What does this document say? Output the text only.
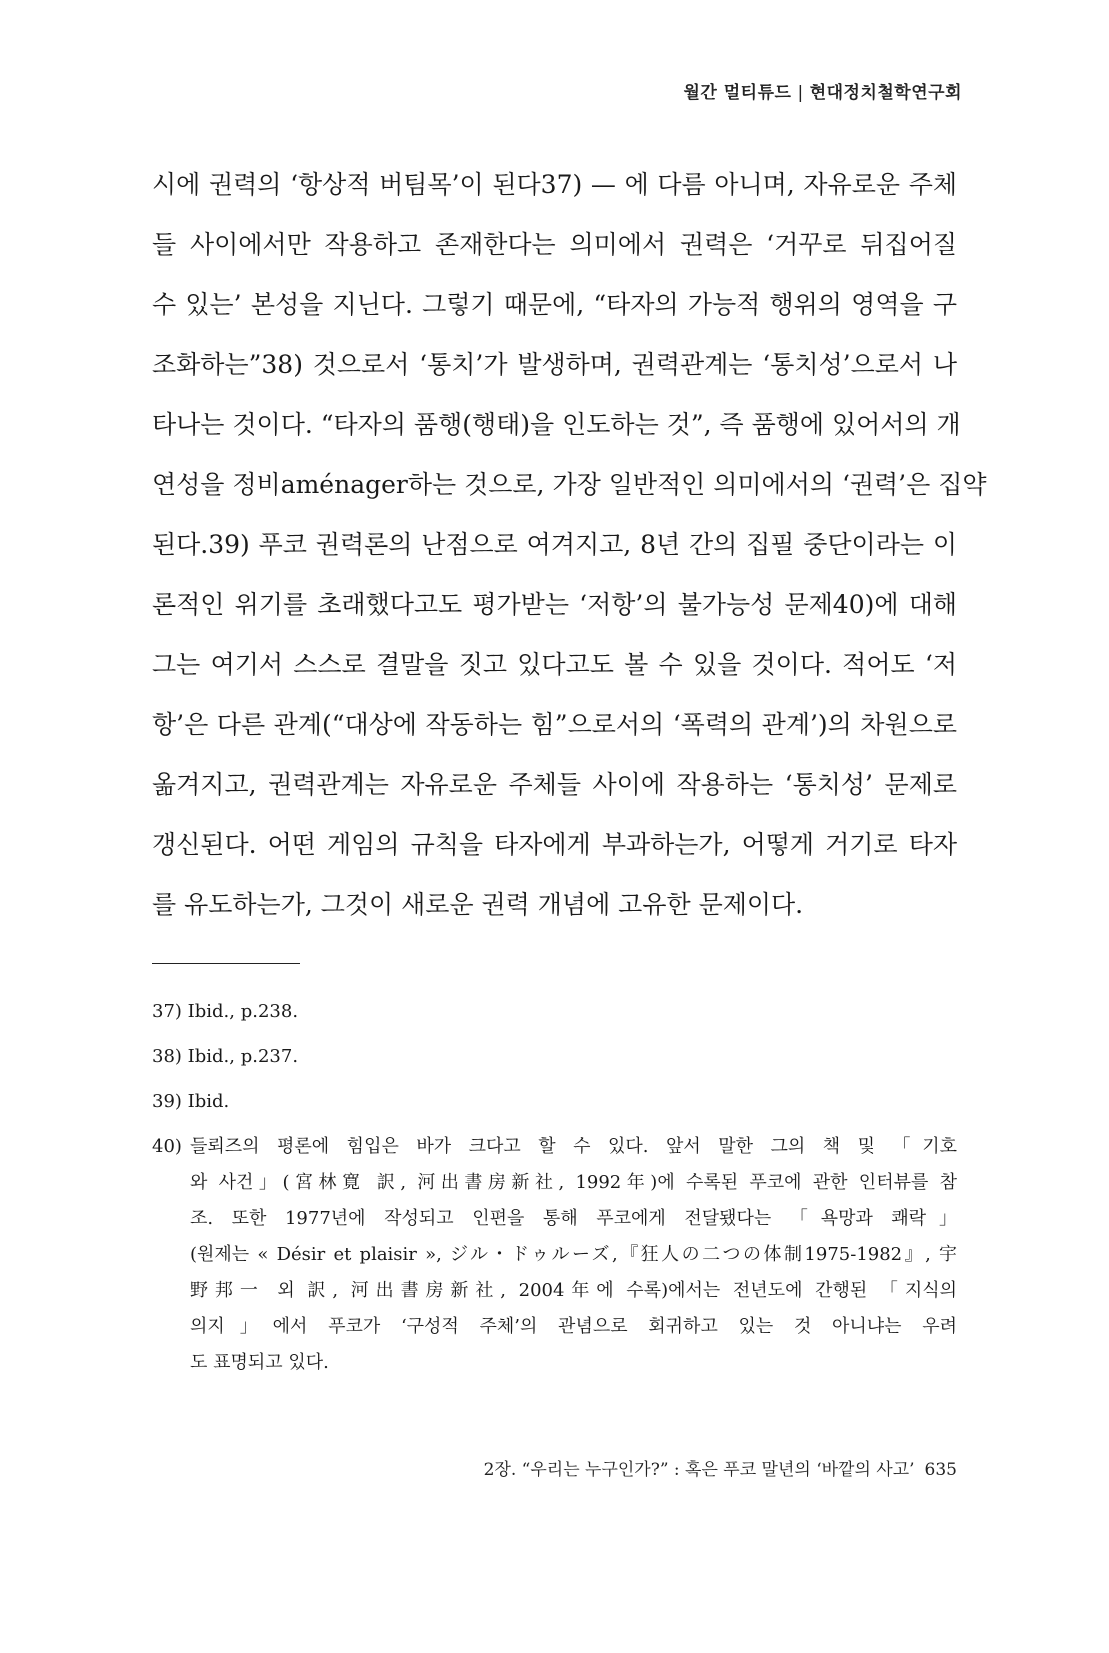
월간 멀티튜드 | 현대정치철학연구회
시에 권력의 ‘항상적 버팀목’이 된다37) — 에 다름 아니며, 자유로운 주체
들 사이에서만 작용하고 존재한다는 의미에서 권력은 ‘거꾸로 뒤집어질
수 있는’ 본성을 지닌다. 그렇기 때문에, “타자의 가능적 행위의 영역을 구
조화하는”38) 것으로서 ‘통치’가 발생하며, 권력관계는 ‘통치성’으로서 나
타나는 것이다. “타자의 품행(행태)을 인도하는 것”, 즉 품행에 있어서의 개
연성을 정비aménager하는 것으로, 가장 일반적인 의미에서의 ‘권력’은 집약
된다.39) 푸코 권력론의 난점으로 여겨지고, 8년 간의 집필 중단이라는 이
론적인 위기를 초래했다고도 평가받는 ‘저항’의 불가능성 문제40)에 대해
그는 여기서 스스로 결말을 짓고 있다고도 볼 수 있을 것이다. 적어도 ‘저
항’은 다른 관계(“대상에 작동하는 힘”으로서의 ‘폭력의 관계’)의 차원으로
옮겨지고, 권력관계는 자유로운 주체들 사이에 작용하는 ‘통치성’ 문제로
갱신된다. 어떤 게임의 규칙을 타자에게 부과하는가, 어떻게 거기로 타자
를 유도하는가, 그것이 새로운 권력 개념에 고유한 문제이다.
37) Ibid., p.238.
38) Ibid., p.237.
39) Ibid.
40) 들뢰즈의 평론에 힘입은 바가 크다고 할 수 있다. 앞서 말한 그의 책 및 「기호
와 사건」(宮林寛 訳, 河出書房新社, 1992年)에 수록된 푸코에 관한 인터뷰를 참
조. 또한 1977년에 작성되고 인편을 통해 푸코에게 전달됐다는 「욕망과 쾌락」
(원제는 « Désir et plaisir », ジル・ドゥルーズ,『狂人の二つの体制1975-1982』, 宇
野邦一 외 訳, 河出書房新社, 2004年에 수록)에서는 전년도에 간행된 「지식의
의지」에서 푸코가 ‘구성적 주체’의 관념으로 회귀하고 있는 것 아니냐는 우려
도 표명되고 있다.
2장. “우리는 누구인가?” : 혹은 푸코 말년의 ‘바깥의 사고’ 635
